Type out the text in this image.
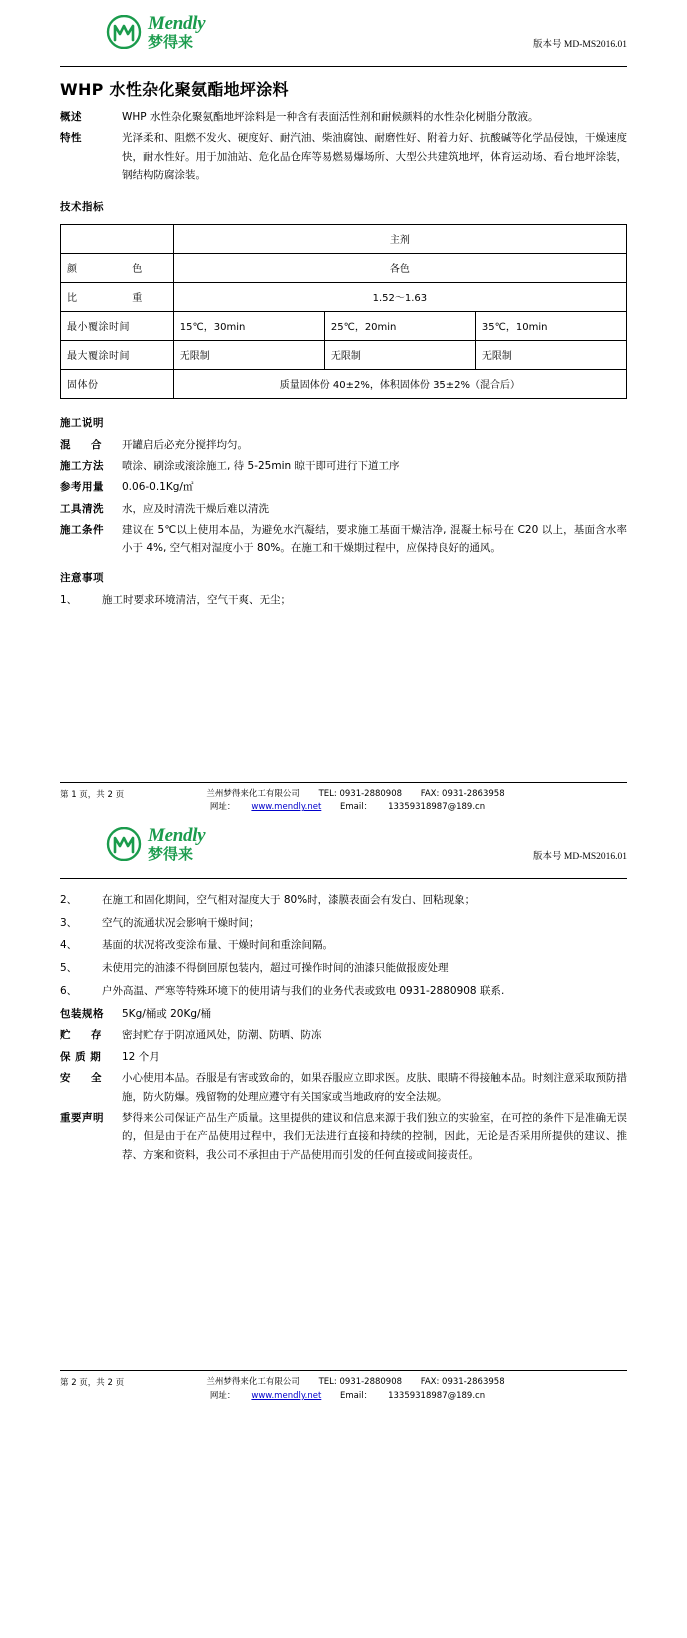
Mendly
梦得来	版本号 MD-MS2016.01
WHP 水性杂化聚氨酯地坪涂料
概述	WHP 水性杂化聚氨酯地坪涂料是一种含有表面活性剂和耐候颜料的水性杂化树脂分散液。
特性	光泽柔和、阻燃不发火、硬度好、耐汽油、柴油腐蚀、耐磨性好、附着力好、抗酸碱等化学品侵蚀，干燥速度快，耐水性好。用于加油站、危化品仓库等易燃易爆场所、大型公共建筑地坪，体育运动场、看台地坪涂装，钢结构防腐涂装。
技术指标
	主剂		

颜 色	各色		

比 重	1.52～1.63		
最小覆涂时间	15℃，30min	25℃，20min	35℃，10min
最大覆涂时间	无限制	无限制	无限制
固体份	质量固体份 40±2%，体积固体份 35±2%（混合后）		
施工说明
混 合 开罐启后必充分搅拌均匀。
施工方法	喷涂、刷涂或滚涂施工, 待 5-25min 晾干即可进行下道工序
参考用量	0.06-0.1Kg/㎡
工具清洗	水，应及时清洗干燥后难以清洗
施工条件	建议在 5℃以上使用本品，为避免水汽凝结，要求施工基面干燥洁净, 混凝土标号在 C20 以上，基面含水率小于 4%, 空气相对湿度小于 80%。在施工和干燥期过程中，应保持良好的通风。
注意事项
1、	施工时要求环境清洁，空气干爽、无尘；
第 1 页，共 2 页	兰州梦得来化工有限公司 TEL: 0931-2880908 FAX: 0931-2863958
网址： www.mendly.net Email： 13359318987@189.cn
Mendly
梦得来	版本号 MD-MS2016.01
2、	在施工和固化期间，空气相对湿度大于 80%时，漆膜表面会有发白、回粘现象；
3、	空气的流通状况会影响干燥时间；
4、	基面的状况将改变涂布量、干燥时间和重涂间隔。
5、	未使用完的油漆不得倒回原包装内，超过可操作时间的油漆只能做报废处理
6、	户外高温、严寒等特殊环境下的使用请与我们的业务代表或致电 0931-2880908 联系.
包装规格	5Kg/桶或 20Kg/桶
贮 存 密封贮存于阴凉通风处，防潮、防晒、防冻
保 质 期	12 个月
安 全 小心使用本品。吞服是有害或致命的，如果吞服应立即求医。皮肤、眼睛不得接触本品。时刻注意采取预防措施，防火防爆。残留物的处理应遵守有关国家或当地政府的安全法规。
重要声明	梦得来公司保证产品生产质量。这里提供的建议和信息来源于我们独立的实验室，在可控的条件下是准确无误的，但是由于在产品使用过程中，我们无法进行直接和持续的控制，因此，无论是否采用所提供的建议、推荐、方案和资料，我公司不承担由于产品使用而引发的任何直接或间接责任。
第 2 页，共 2 页	兰州梦得来化工有限公司 TEL: 0931-2880908 FAX: 0931-2863958
网址： www.mendly.net Email： 13359318987@189.cn
